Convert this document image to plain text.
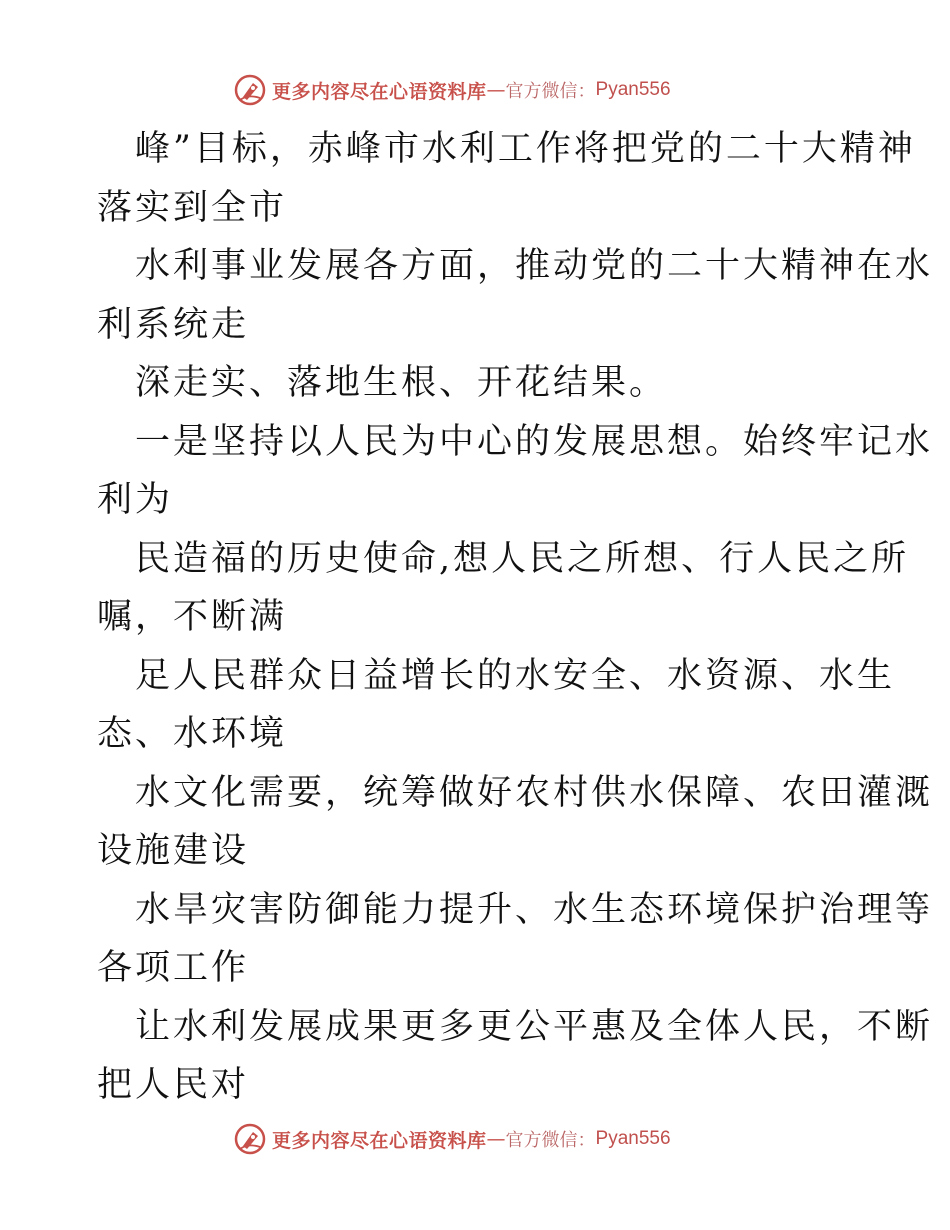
更多内容尽在心语资料库 — 官方微信： Pyan556
峰”目标，赤峰市水利工作将把党的二十大精神
落实到全市
水利事业发展各方面，推动党的二十大精神在水
利系统走
深走实、落地生根、开花结果。
一是坚持以人民为中心的发展思想。始终牢记水
利为
民造福的历史使命,想人民之所想、行人民之所
嘱，不断满
足人民群众日益增长的水安全、水资源、水生
态、水环境
水文化需要，统筹做好农村供水保障、农田灌溉
设施建设
水旱灾害防御能力提升、水生态环境保护治理等
各项工作
让水利发展成果更多更公平惠及全体人民，不断
把人民对
更多内容尽在心语资料库 — 官方微信： Pyan556
